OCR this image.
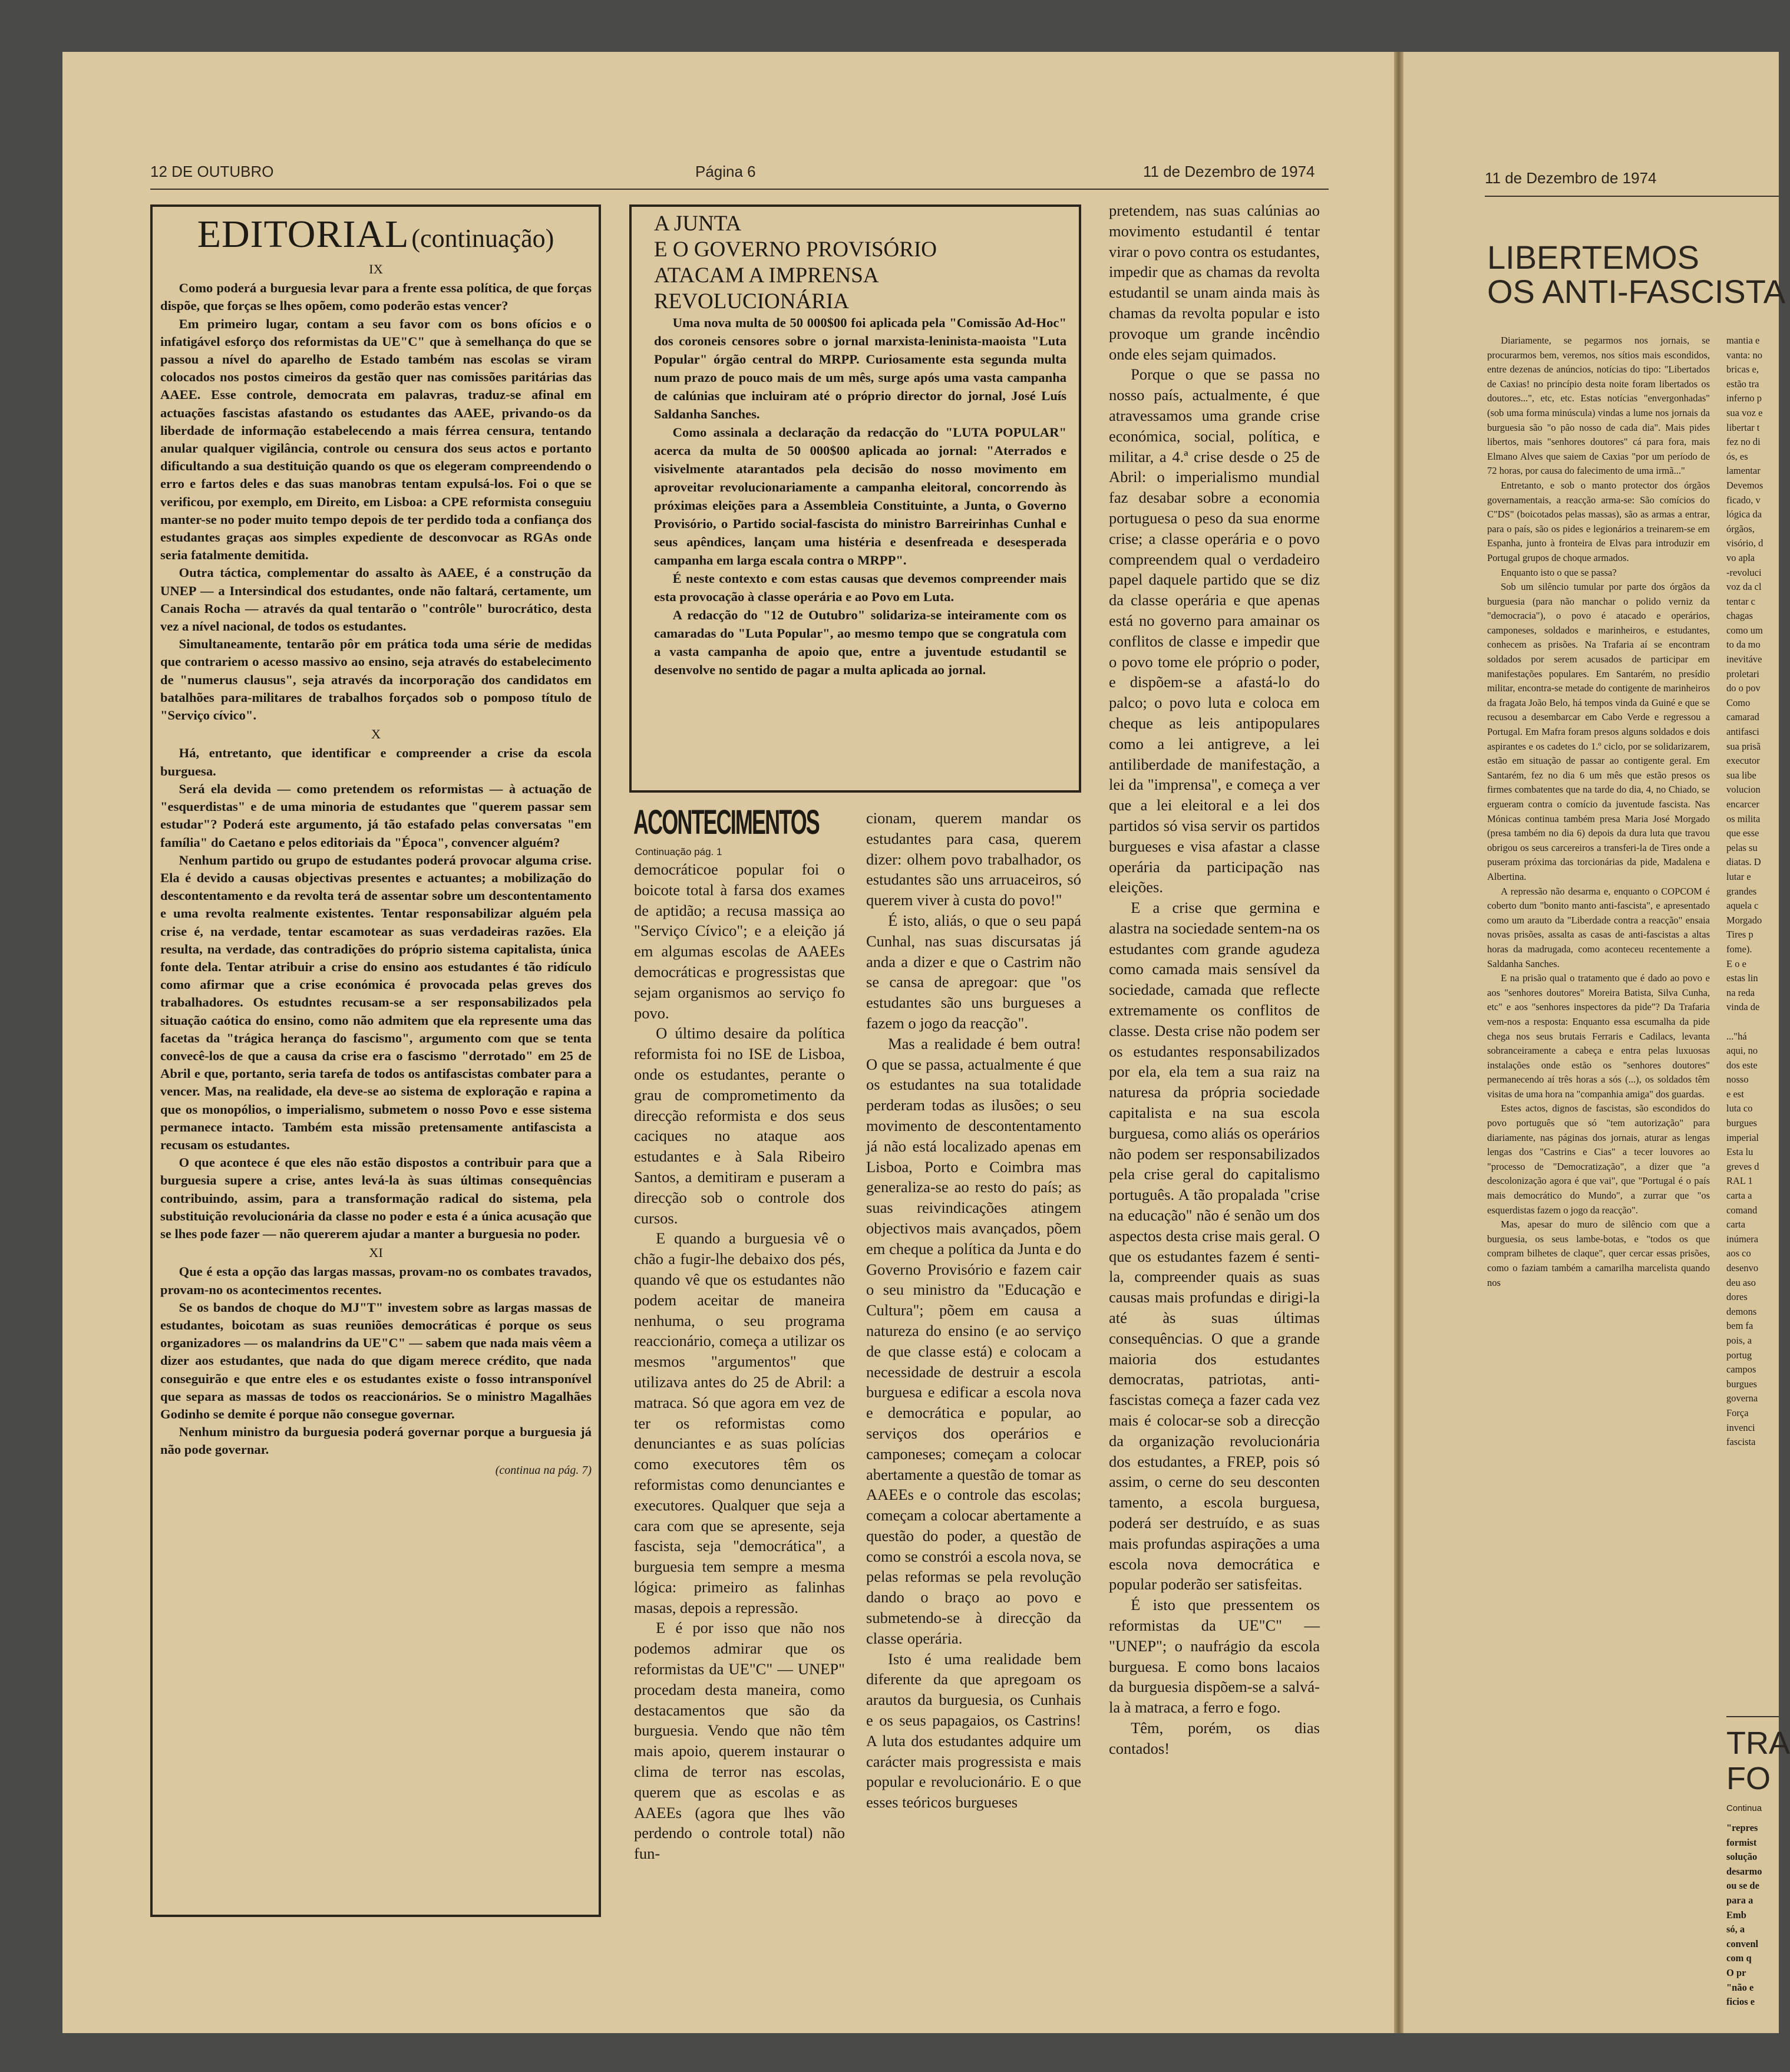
12 DE OUTUBRO	Página 6	11 de Dezembro de 1974	11 de Dezembro de 1974
EDITORIAL (continuação)
IX

Como poderá a burguesia levar para a frente essa política, de que forças dispõe, que forças se lhes opõem, como poderão estas vencer?

Em primeiro lugar, contam a seu favor com os bons ofícios e o infatigável esforço dos reformistas da UE"C" que à semelhança do que se passou a nível do aparelho de Estado também nas escolas se viram colocados nos postos cimeiros da gestão quer nas comissões paritárias das AAEE. Esse controle, democrata em palavras, traduz-se afinal em actuações fascistas afastando os estudantes das AAEE, privando-os da liberdade de informação estabelecendo a mais férrea censura, tentando anular qualquer vigilância, controle ou censura dos seus actos e portanto dificultando a sua destituição quando os que os elegeram compreendendo o erro e fartos deles e das suas manobras tentam expulsá-los. Foi o que se verificou, por exemplo, em Direito, em Lisboa: a CPE reformista conseguiu manter-se no poder muito tempo depois de ter perdido toda a confiança dos estudantes graças aos simples expediente de desconvocar as RGAs onde seria fatalmente demitida.

Outra táctica, complementar do assalto às AAEE, é a construção da UNEP — a Intersindical dos estudantes, onde não faltará, certamente, um Canais Rocha — através da qual tentarão o "contrôle" burocrático, desta vez a nível nacional, de todos os estudantes.

Simultaneamente, tentarão pôr em prática toda uma série de medidas que contrariem o acesso massivo ao ensino, seja através do estabelecimento de "numerus clausus", seja através da incorporação dos candidatos em batalhões para-militares de trabalhos forçados sob o pomposo título de "Serviço cívico".

X

Há, entretanto, que identificar e compreender a crise da escola burguesa.

Será ela devida — como pretendem os reformistas — à actuação de "esquerdistas" e de uma minoria de estudantes que "querem passar sem estudar"? Poderá este argumento, já tão estafado pelas conversatas "em família" do Caetano e pelos editoriais da "Época", convencer alguém?

Nenhum partido ou grupo de estudantes poderá provocar alguma crise. Ela é devido a causas objectivas presentes e actuantes; a mobilização do descontentamento e da revolta terá de assentar sobre um descontentamento e uma revolta realmente existentes. Tentar responsabilizar alguém pela crise é, na verdade, tentar escamotear as suas verdadeiras razões. Ela resulta, na verdade, das contradições do próprio sistema capitalista, única fonte dela. Tentar atribuir a crise do ensino aos estudantes é tão ridículo como afirmar que a crise económica é provocada pelas greves dos trabalhadores. Os estudntes recusam-se a ser responsabilizados pela situação caótica do ensino, como não admitem que ela represente uma das facetas da "trágica herança do fascismo", argumento com que se tenta convecê-los de que a causa da crise era o fascismo "derrotado" em 25 de Abril e que, portanto, seria tarefa de todos os antifascistas combater para a vencer. Mas, na realidade, ela deve-se ao sistema de exploração e rapina a que os monopólios, o imperialismo, submetem o nosso Povo e esse sistema permanece intacto. Também esta missão pretensamente antifascista a recusam os estudantes.

O que acontece é que eles não estão dispostos a contribuir para que a burguesia supere a crise, antes levá-la às suas últimas consequências contribuindo, assim, para a transformação radical do sistema, pela substituição revolucionária da classe no poder e esta é a única acusação que se lhes pode fazer — não quererem ajudar a manter a burguesia no poder.

XI

Que é esta a opção das largas massas, provam-no os combates travados, provam-no os acontecimentos recentes.

Se os bandos de choque do MJ"T" investem sobre as largas massas de estudantes, boicotam as suas reuniões democráticas é porque os seus organizadores — os malandrins da UE"C" — sabem que nada mais vêem a dizer aos estudantes, que nada do que digam merece crédito, que nada conseguirão e que entre eles e os estudantes existe o fosso intransponível que separa as massas de todos os reaccionários. Se o ministro Magalhães Godinho se demite é porque não consegue governar.

Nenhum ministro da burguesia poderá governar porque a burguesia já não pode governar.

(continua na pág. 7)
A JUNTA
E O GOVERNO PROVISÓRIO
ATACAM A IMPRENSA
REVOLUCIONÁRIA

Uma nova multa de 50 000$00 foi aplicada pela "Comissão Ad-Hoc" dos coroneis censores sobre o jornal marxista-leninista-maoista "Luta Popular" órgão central do MRPP. Curiosamente esta segunda multa num prazo de pouco mais de um mês, surge após uma vasta campanha de calúnias que incluiram até o próprio director do jornal, José Luís Saldanha Sanches.

Como assinala a declaração da redacção do "LUTA POPULAR" acerca da multa de 50 000$00 aplicada ao jornal: "Aterrados e visivelmente atarantados pela decisão do nosso movimento em aproveitar revolucionariamente a campanha eleitoral, concorrendo às próximas eleições para a Assembleia Constituinte, a Junta, o Governo Provisório, o Partido social-fascista do ministro Barreirinhas Cunhal e seus apêndices, lançam uma histéria e desenfreada e desesperada campanha em larga escala contra o MRPP".

É neste contexto e com estas causas que devemos compreender mais esta provocação à classe operária e ao Povo em Luta.

A redacção do "12 de Outubro" solidariza-se inteiramente com os camaradas do "Luta Popular", ao mesmo tempo que se congratula com a vasta campanha de apoio que, entre a juventude estudantil se desenvolve no sentido de pagar a multa aplicada ao jornal.

ACONTECIMENTOS
Continuação pág. 1

democráticoe popular foi o boicote total à farsa dos exames de aptidão; a recusa massiça ao "Serviço Cívico"; e a eleição já em algumas escolas de AAEEs democráticas e progressistas que sejam organismos ao serviço fo povo.

O último desaire da política reformista foi no ISE de Lisboa, onde os estudantes, perante o grau de comprometimento da direcção reformista e dos seus caciques no ataque aos estudantes e à Sala Ribeiro Santos, a demitiram e puseram a direcção sob o controle dos cursos.

E quando a burguesia vê o chão a fugir-lhe debaixo dos pés, quando vê que os estudantes não podem aceitar de maneira nenhuma, o seu programa reaccionário, começa a utilizar os mesmos "argumentos" que utilizava antes do 25 de Abril: a matraca. Só que agora em vez de ter os reformistas como denunciantes e as suas polícias como executores têm os reformistas como denunciantes e executores. Qualquer que seja a cara com que se apresente, seja fascista, seja "democrática", a burguesia tem sempre a mesma lógica: primeiro as falinhas masas, depois a repressão.

E é por isso que não nos podemos admirar que os reformistas da UE"C" — UNEP" procedam desta maneira, como destacamentos que são da burguesia. Vendo que não têm mais apoio, querem instaurar o clima de terror nas escolas, querem que as escolas e as AAEEs (agora que lhes vão perdendo o controle total) não fun-

cionam, querem mandar os estudantes para casa, querem dizer: olhem povo trabalhador, os estudantes são uns arruaceiros, só querem viver à custa do povo!"

É isto, aliás, o que o seu papá Cunhal, nas suas discursatas já anda a dizer e que o Castrim não se cansa de apregoar: que "os estudantes são uns burgueses a fazem o jogo da reacção".

Mas a realidade é bem outra! O que se passa, actualmente é que os estudantes na sua totalidade perderam todas as ilusões; o seu movimento de descontentamento já não está localizado apenas em Lisboa, Porto e Coimbra mas generaliza-se ao resto do país; as suas reivindicações atingem objectivos mais avançados, põem em cheque a política da Junta e do Governo Provisório e fazem cair o seu ministro da "Educação e Cultura"; põem em causa a natureza do ensino (e ao serviço de que classe está) e colocam a necessidade de destruir a escola burguesa e edificar a escola nova e democrática e popular, ao serviços dos operários e camponeses; começam a colocar abertamente a questão de tomar as AAEEs e o controle das escolas; começam a colocar abertamente a questão do poder, a questão de como se constrói a escola nova, se pelas reformas se pela revolução dando o braço ao povo e submetendo-se à direcção da classe operária.

Isto é uma realidade bem diferente da que apregoam os arautos da burguesia, os Cunhais e os seus papagaios, os Castrins! A luta dos estudantes adquire um carácter mais progressista e mais popular e revolucionário. E o que esses teóricos burgueses

pretendem, nas suas calúnias ao movimento estudantil é tentar virar o povo contra os estudantes, impedir que as chamas da revolta estudantil se unam ainda mais às chamas da revolta popular e isto provoque um grande incêndio onde eles sejam quimados.

Porque o que se passa no nosso país, actualmente, é que atravessamos uma grande crise económica, social, política, e militar, a 4.ª crise desde o 25 de Abril: o imperialismo mundial faz desabar sobre a economia portuguesa o peso da sua enorme crise; a classe operária e o povo compreendem qual o verdadeiro papel daquele partido que se diz da classe operária e que apenas está no governo para amainar os conflitos de classe e impedir que o povo tome ele próprio o poder, e dispõem-se a afastá-lo do palco; o povo luta e coloca em cheque as leis antipopulares como a lei antigreve, a lei antiliberdade de manifestação, a lei da "imprensa", e começa a ver que a lei eleitoral e a lei dos partidos só visa servir os partidos burgueses e visa afastar a classe operária da participação nas eleições.

E a crise que germina e alastra na sociedade sentem-na os estudantes com grande agudeza como camada mais sensível da sociedade, camada que reflecte extremamente os conflitos de classe. Desta crise não podem ser os estudantes responsabilizados por ela, ela tem a sua raiz na naturesa da própria sociedade capitalista e na sua escola burguesa, como aliás os operários não podem ser responsabilizados pela crise geral do capitalismo português. A tão propalada "crise na educação" não é senão um dos aspectos desta crise mais geral. O que os estudantes fazem é senti-la, compreender quais as suas causas mais profundas e dirigi-la até às suas últimas consequências. O que a grande maioria dos estudantes democratas, patriotas, anti-fascistas começa a fazer cada vez mais é colocar-se sob a direcção da organização revolucionária dos estudantes, a FREP, pois só assim, o cerne do seu desconten tamento, a escola burguesa, poderá ser destruído, e as suas mais profundas aspirações a uma escola nova democrática e popular poderão ser satisfeitas.

É isto que pressentem os reformistas da UE"C" — "UNEP"; o naufrágio da escola burguesa. E como bons lacaios da burguesia dispõem-se a salvá-la à matraca, a ferro e fogo.

Têm, porém, os dias contados!

LIBERTEMOS
OS ANTI-FASCISTA

Diariamente, se pegarmos nos jornais, se procurarmos bem, veremos, nos sítios mais escondidos, entre dezenas de anúncios, notícias do tipo: "Libertados de Caxias! no princípio desta noite foram libertados os doutores...", etc, etc. Estas notícias "envergonhadas" (sob uma forma minúscula) vindas a lume nos jornais da burguesia são "o pão nosso de cada dia". Mais pides libertos, mais "senhores doutores" cá para fora, mais Elmano Alves que saiem de Caxias "por um período de 72 horas, por causa do falecimento de uma irmã..."

Entretanto, e sob o manto protector dos órgãos governamentais, a reacção arma-se: São comícios do C"DS" (boicotados pelas massas), são as armas a entrar, para o país, são os pides e legionários a treinarem-se em Espanha, junto à fronteira de Elvas para introduzir em Portugal grupos de choque armados.

Enquanto isto o que se passa?

Sob um silêncio tumular por parte dos órgãos da burguesia (para não manchar o polido verniz da "democracia"), o povo é atacado e operários, camponeses, soldados e marinheiros, e estudantes, conhecem as prisões. Na Trafaria aí se encontram soldados por serem acusados de participar em manifestações populares. Em Santarém, no presídio militar, encontra-se metade do contigente de marinheiros da fragata João Belo, há tempos vinda da Guiné e que se recusou a desembarcar em Cabo Verde e regressou a Portugal. Em Mafra foram presos alguns soldados e dois aspirantes e os cadetes do 1.º ciclo, por se solidarizarem, estão em situação de passar ao contigente geral. Em Santarém, fez no dia 6 um mês que estão presos os firmes combatentes que na tarde do dia, 4, no Chiado, se ergueram contra o comício da juventude fascista. Nas Mónicas continua também presa Maria José Morgado (presa também no dia 6) depois da dura luta que travou obrigou os seus carcereiros a transferi-la de Tires onde a puseram próxima das torcionárias da pide, Madalena e Albertina.

A repressão não desarma e, enquanto o COPCOM é coberto dum "bonito manto anti-fascista", e apresentado como um arauto da "Liberdade contra a reacção" ensaia novas prisões, assalta as casas de anti-fascistas a altas horas da madrugada, como aconteceu recentemente a Saldanha Sanches.

E na prisão qual o tratamento que é dado ao povo e aos "senhores doutores" Moreira Batista, Silva Cunha, etc" e aos "senhores inspectores da pide"? Da Trafaria vem-nos a resposta: Enquanto essa escumalha da pide chega nos seus brutais Ferraris e Cadilacs, levanta sobranceiramente a cabeça e entra pelas luxuosas instalações onde estão os "senhores doutores" permanecendo aí três horas a sós (...), os soldados têm visitas de uma hora na "companhia amiga" dos guardas.

Estes actos, dignos de fascistas, são escondidos do povo português que só "tem autorização" para diariamente, nas páginas dos jornais, aturar as lengas lengas dos "Castrins e Cias" a tecer louvores ao "processo de "Democratização", a dizer que "a descolonização agora é que vai", que "Portugal é o país mais democrático do Mundo", a zurrar que "os esquerdistas fazem o jogo da reacção".

Mas, apesar do muro de silêncio com que a burguesia, os seus lambe-botas, e "todos os que compram bilhetes de claque", quer cercar essas prisões, como o faziam também a camarilha marcelista quando nos

mantia e
vanta: no
bricas e,
estão tra
inferno p
sua voz e
libertar t
fez no di
ós, es
lamentar
Devemos
ficado, v
lógica da
órgãos,
visório, d
vo apla
-revoluci
voz da cl
tentar c
chagas
como um
to da mo
inevitáve
proletari
do o pov
Como
camarad
antifasci
sua prisã
executor
sua libe
volucion
encarcer
os milita
que esse
pelas su
diatas. D
lutar e
grandes
aquela c
Morgado
Tires p
fome).
E o e
estas lin
na reda
vinda de

..."há
aqui, no
dos este
nosso
e est
luta co
burgues
imperial
Esta lu
greves d
RAL 1
carta a
comand
carta
inúmera
aos co
desenvo
deu aso
dores
demons
bem fa
pois, a
portug
campos
burgues
governa
Força
invenci
fascista
TRA
FO
Continua
"repres
formist
solução
desarmo
ou se de
para a
Emb
só, a
convenl
com q
O pr
"não e
ficios e
